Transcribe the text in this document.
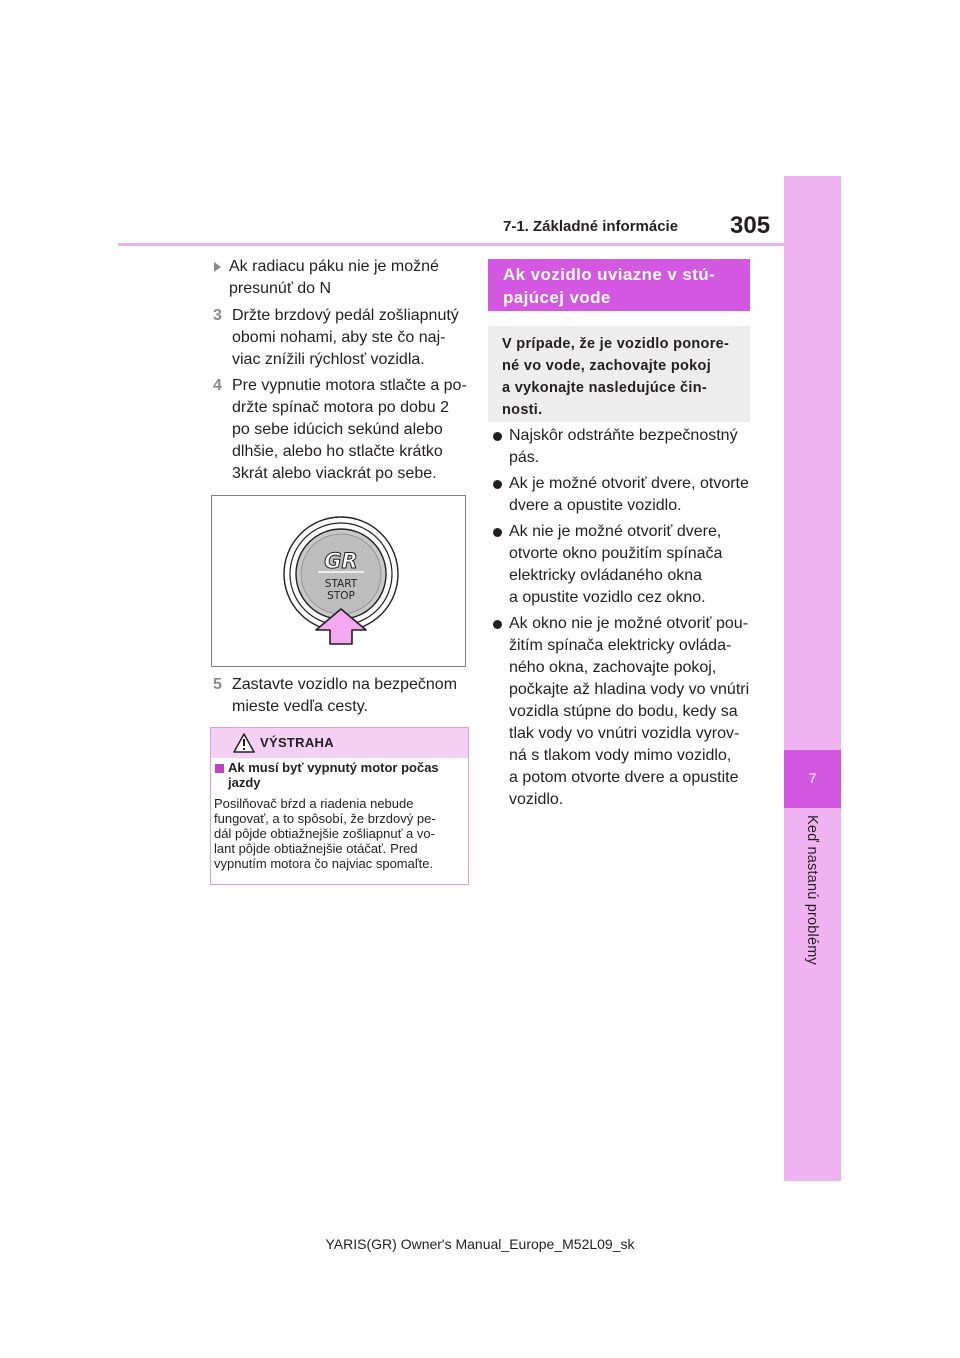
7-1. Základné informácie 305
7
Keď nastanú problémy
Ak radiacu páku nie je možné
presunúť do N
3 Držte brzdový pedál zošliapnutý
obomi nohami, aby ste čo naj-
viac znížili rýchlosť vozidla.
4 Pre vypnutie motora stlačte a po-
držte spínač motora po dobu 2
po sebe idúcich sekúnd alebo
dlhšie, alebo ho stlačte krátko
3krát alebo viackrát po sebe.
GR
START
STOP
5 Zastavte vozidlo na bezpečnom
mieste vedľa cesty.
VÝSTRAHA
Ak musí byť vypnutý motor počas
jazdy
Posilňovač bŕzd a riadenia nebude
fungovať, a to spôsobí, že brzdový pe-
dál pôjde obtiažnejšie zošliapnuť a vo-
lant pôjde obtiažnejšie otáčať. Pred
vypnutím motora čo najviac spomaľte.
Ak vozidlo uviazne v stú-
pajúcej vode
V prípade, že je vozidlo ponore-
né vo vode, zachovajte pokoj
a vykonajte nasledujúce čin-
nosti.
Najskôr odstráňte bezpečnostný
pás.
Ak je možné otvoriť dvere, otvorte
dvere a opustite vozidlo.
Ak nie je možné otvoriť dvere,
otvorte okno použitím spínača
elektricky ovládaného okna
a opustite vozidlo cez okno.
Ak okno nie je možné otvoriť pou-
žitím spínača elektricky ovláda-
ného okna, zachovajte pokoj,
počkajte až hladina vody vo vnútri
vozidla stúpne do bodu, kedy sa
tlak vody vo vnútri vozidla vyrov-
ná s tlakom vody mimo vozidlo,
a potom otvorte dvere a opustite
vozidlo.
YARIS(GR) Owner's Manual_Europe_M52L09_sk
